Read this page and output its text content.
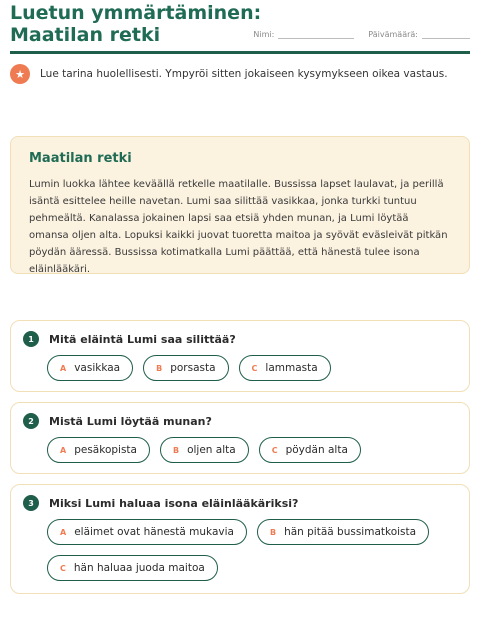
Luetun ymmärtäminen:
Maatilan retki	Nimi:	Päivämäärä:
★	Lue tarina huolellisesti. Ympyröi sitten jokaiseen kysymykseen oikea vastaus.
Maatilan retki
Lumin luokka lähtee keväällä retkelle maatilalle. Bussissa lapset laulavat, ja perillä isäntä esittelee heille navetan. Lumi saa silittää vasikkaa, jonka turkki tuntuu pehmeältä. Kanalassa jokainen lapsi saa etsiä yhden munan, ja Lumi löytää omansa oljen alta. Lopuksi kaikki juovat tuoretta maitoa ja syövät eväsleivät pitkän pöydän ääressä. Bussissa kotimatkalla Lumi päättää, että hänestä tulee isona eläinlääkäri.
1	Mitä eläintä Lumi saa silittää?
A vasikkaa	B porsasta	C lammasta
2	Mistä Lumi löytää munan?
A pesäkopista	B oljen alta	C pöydän alta
3	Miksi Lumi haluaa isona eläinlääkäriksi?
A eläimet ovat hänestä mukavia	B hän pitää bussimatkoista
C hän haluaa juoda maitoa
